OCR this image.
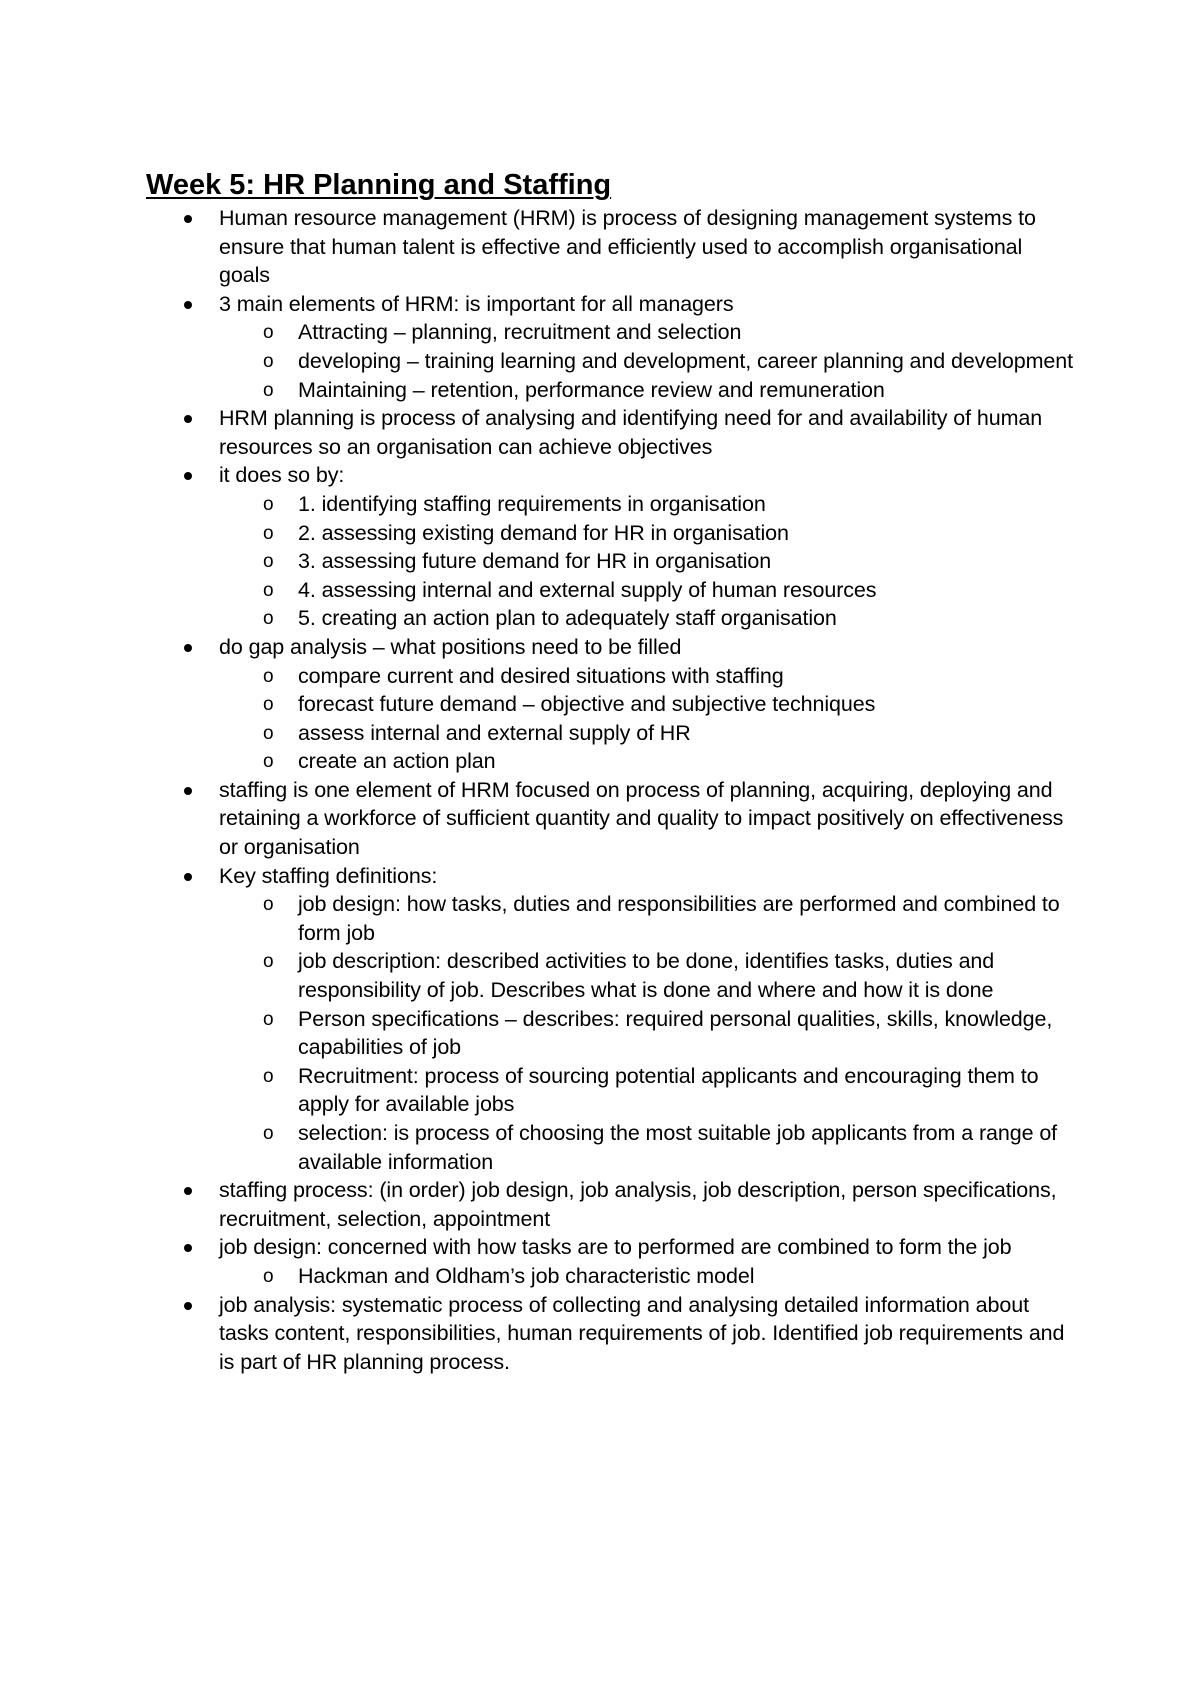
Week 5: HR Planning and Staffing
Human resource management (HRM) is process of designing management systems to ensure that human talent is effective and efficiently used to accomplish organisational goals
3 main elements of HRM: is important for all managers
o Attracting – planning, recruitment and selection
o developing – training learning and development, career planning and development
o Maintaining – retention, performance review and remuneration
HRM planning is process of analysing and identifying need for and availability of human resources so an organisation can achieve objectives
it does so by:
o 1. identifying staffing requirements in organisation
o 2. assessing existing demand for HR in organisation
o 3. assessing future demand for HR in organisation
o 4. assessing internal and external supply of human resources
o 5. creating an action plan to adequately staff organisation
do gap analysis – what positions need to be filled
o compare current and desired situations with staffing
o forecast future demand – objective and subjective techniques
o assess internal and external supply of HR
o create an action plan
staffing is one element of HRM focused on process of planning, acquiring, deploying and retaining a workforce of sufficient quantity and quality to impact positively on effectiveness or organisation
Key staffing definitions:
o job design: how tasks, duties and responsibilities are performed and combined to form job
o job description: described activities to be done, identifies tasks, duties and responsibility of job. Describes what is done and where and how it is done
o Person specifications – describes: required personal qualities, skills, knowledge, capabilities of job
o Recruitment: process of sourcing potential applicants and encouraging them to apply for available jobs
o selection: is process of choosing the most suitable job applicants from a range of available information
staffing process: (in order) job design, job analysis, job description, person specifications, recruitment, selection, appointment
job design: concerned with how tasks are to performed are combined to form the job
o Hackman and Oldham’s job characteristic model
job analysis: systematic process of collecting and analysing detailed information about tasks content, responsibilities, human requirements of job. Identified job requirements and is part of HR planning process.
